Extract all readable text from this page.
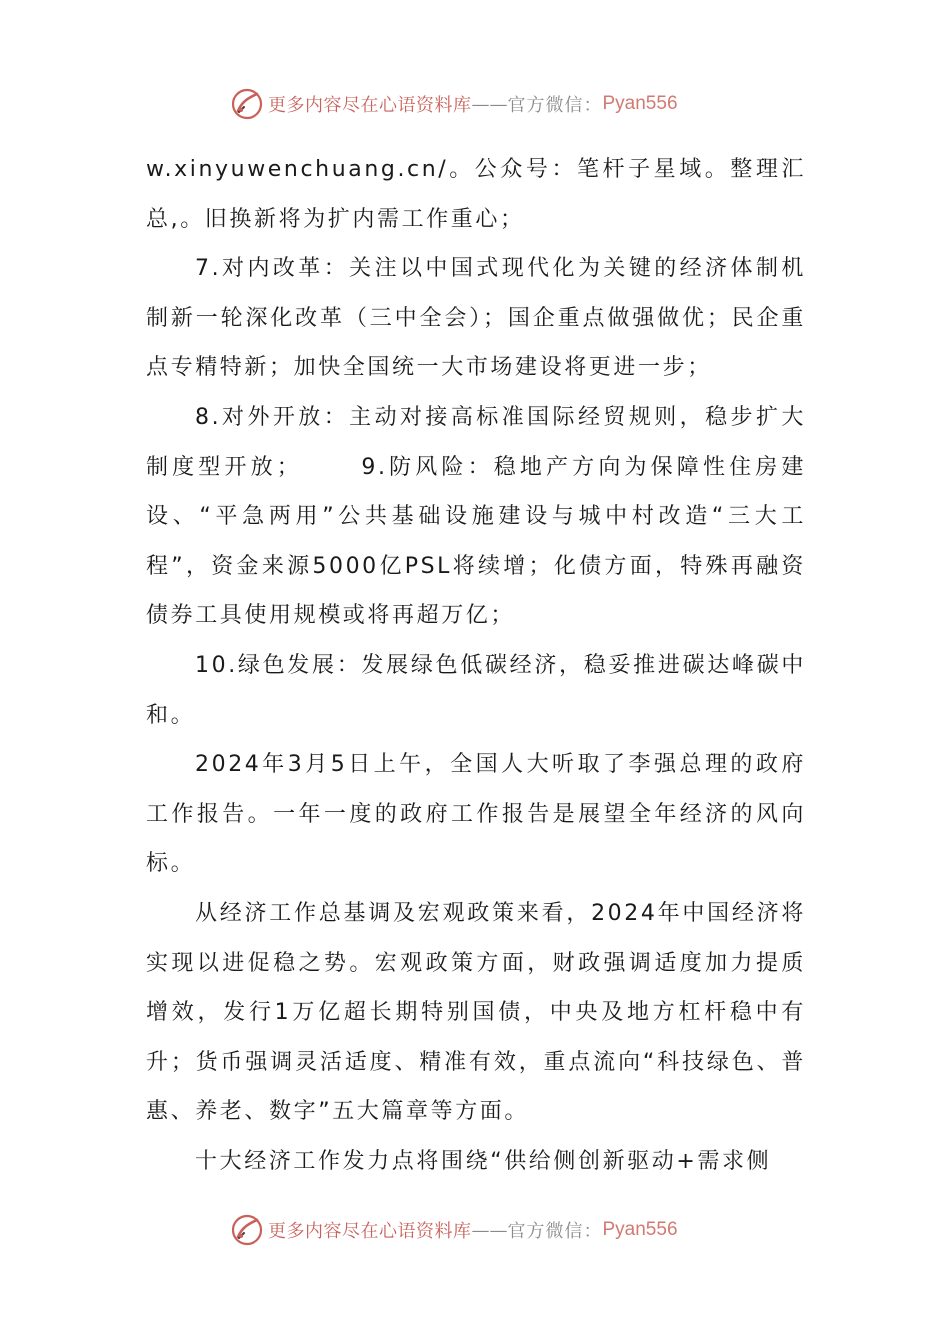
更多内容尽在心语资料库 —— 官方微信： Pyan556

w.xinyuwenchuang.cn/。公众号：笔杆子星域。整理汇总,。旧换新将为扩内需工作重心；

7.对内改革：关注以中国式现代化为关键的经济体制机制新一轮深化改革（三中全会）；国企重点做强做优；民企重点专精特新；加快全国统一大市场建设将更进一步；

8.对外开放：主动对接高标准国际经贸规则，稳步扩大制度型开放；	9.防风险：稳地产方向为保障性住房建设、“平急两用”公共基础设施建设与城中村改造“三大工程”，资金来源5000亿PSL将续增；化债方面，特殊再融资债券工具使用规模或将再超万亿；

10.绿色发展：发展绿色低碳经济，稳妥推进碳达峰碳中和。

2024年3月5日上午，全国人大听取了李强总理的政府工作报告。一年一度的政府工作报告是展望全年经济的风向标。

从经济工作总基调及宏观政策来看，2024年中国经济将实现以进促稳之势。宏观政策方面，财政强调适度加力提质增效，发行1万亿超长期特别国债，中央及地方杠杆稳中有升；货币强调灵活适度、精准有效，重点流向“科技绿色、普惠、养老、数字”五大篇章等方面。

十大经济工作发力点将围绕“供给侧创新驱动+需求侧

更多内容尽在心语资料库 —— 官方微信： Pyan556
